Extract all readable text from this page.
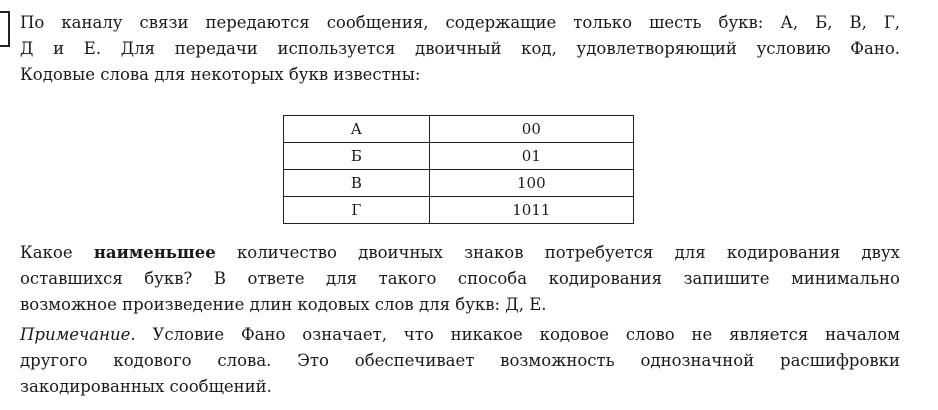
По каналу связи передаются сообщения, содержащие только шесть букв: А, Б, В, Г,
Д и Е. Для передачи используется двоичный код, удовлетворяющий условию Фано.
Кодовые слова для некоторых букв известны:

А	00
Б	01
В	100
Г	1011

Какое наименьшее количество двоичных знаков потребуется для кодирования двух
оставшихся букв? В ответе для такого способа кодирования запишите минимально
возможное произведение длин кодовых слов для букв: Д, Е.

Примечание. Условие Фано означает, что никакое кодовое слово не является началом
другого кодового слова. Это обеспечивает возможность однозначной расшифровки
закодированных сообщений.
